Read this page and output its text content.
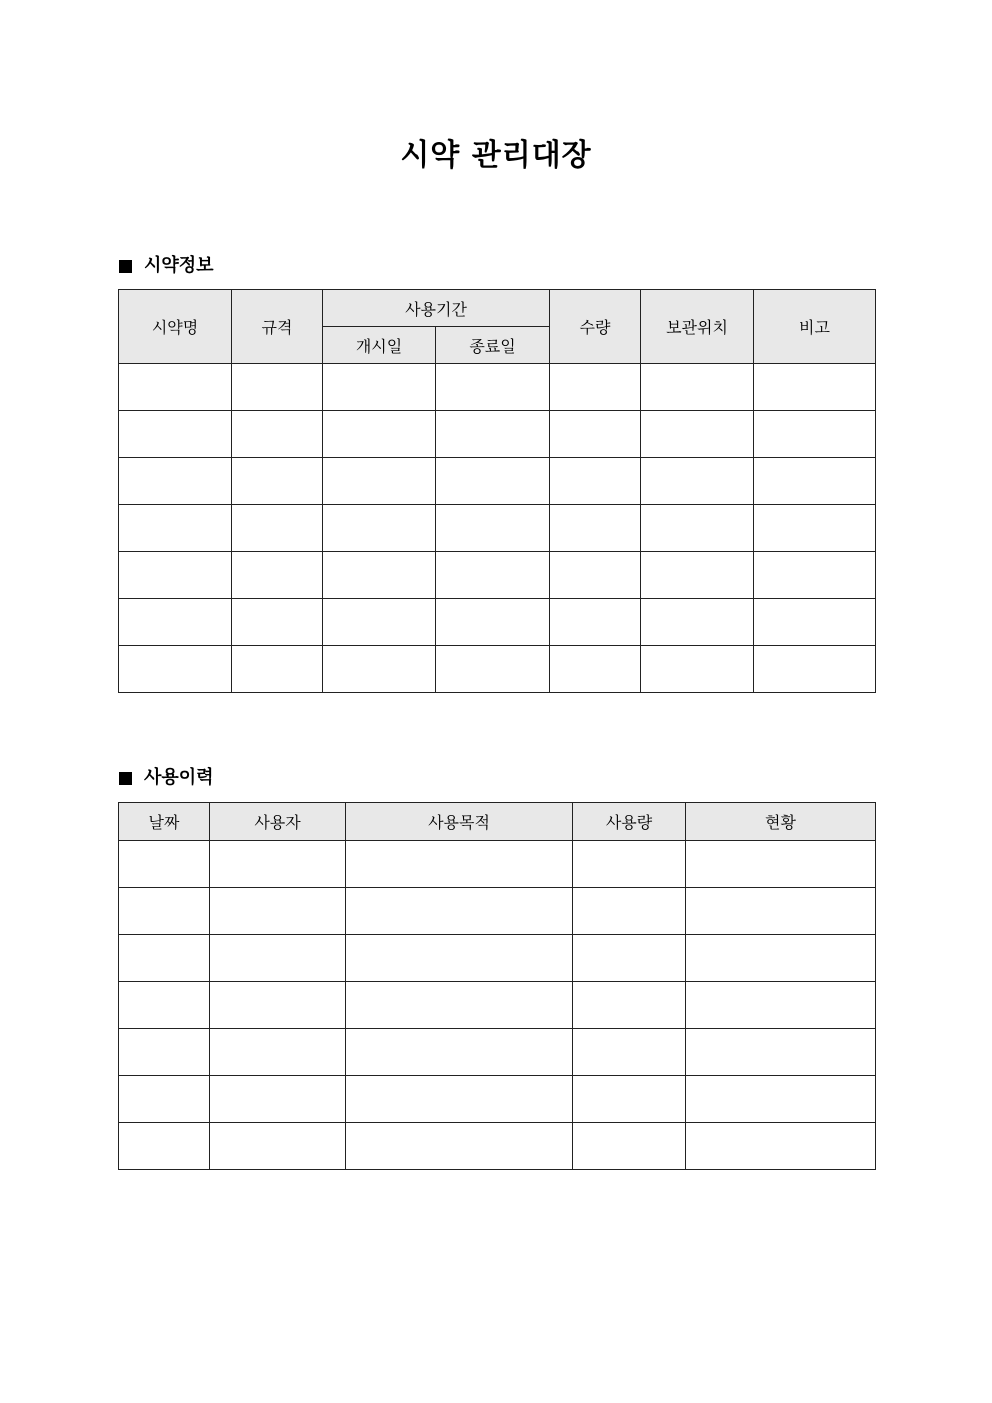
시약 관리대장
시약정보
시약명	규격	사용기간		수량	보관위치	비고
		개시일	종료일			

사용이력
날짜	사용자	사용목적	사용량	현황
